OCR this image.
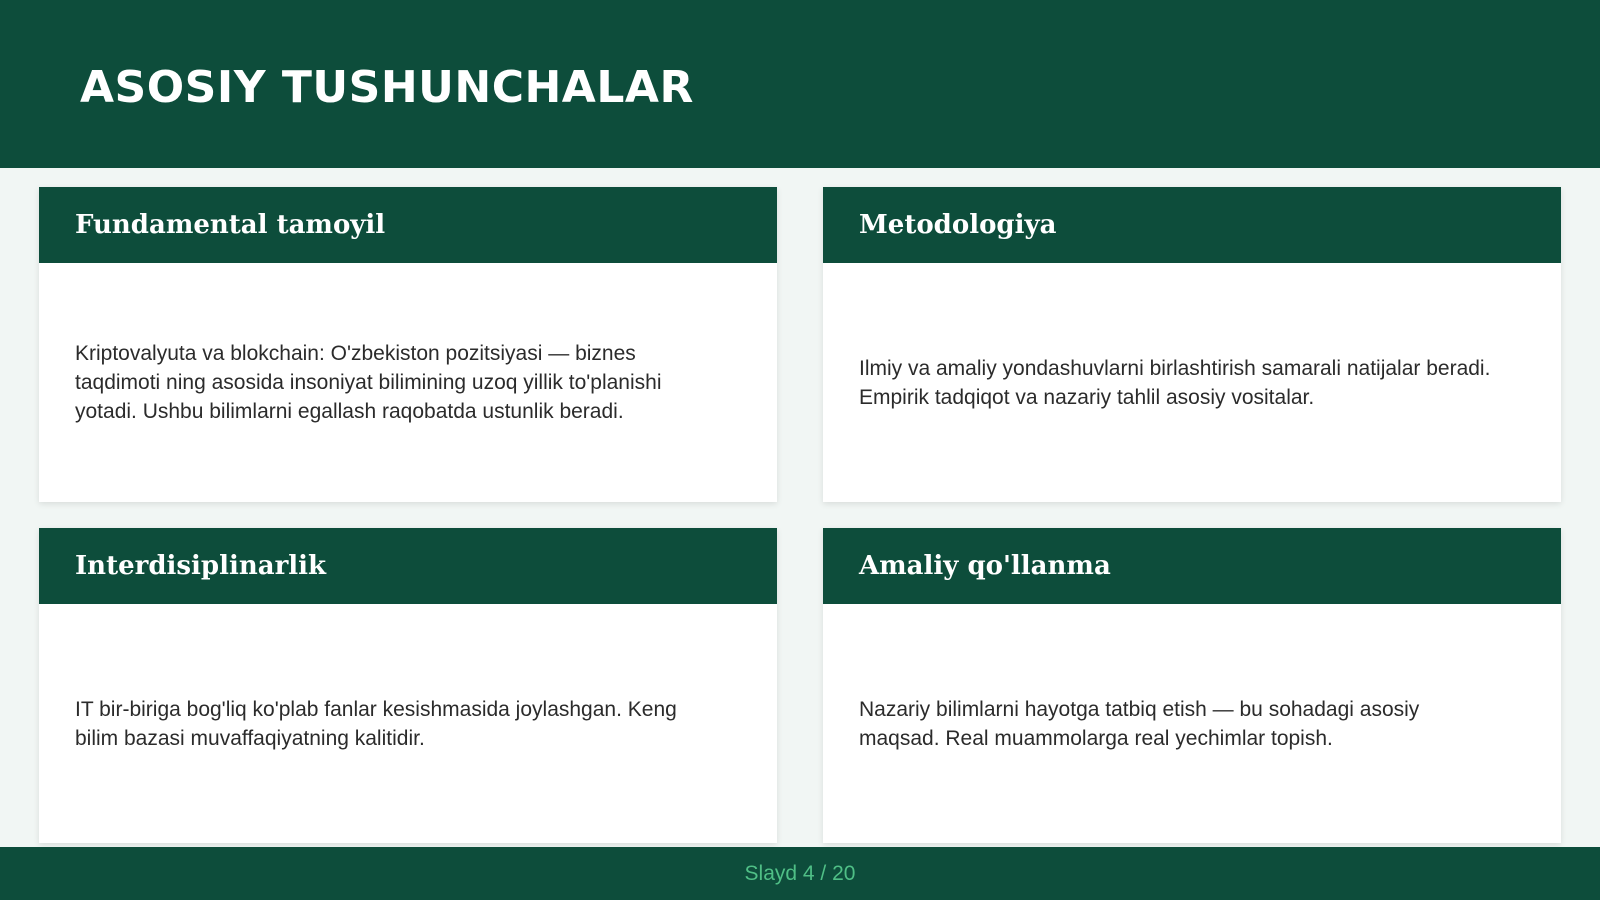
ASOSIY TUSHUNCHALAR
Fundamental tamoyil

Kriptovalyuta va blokchain: O'zbekiston pozitsiyasi — biznes taqdimoti ning asosida insoniyat bilimining uzoq yillik to'planishi yotadi. Ushbu bilimlarni egallash raqobatda ustunlik beradi.

Metodologiya

Ilmiy va amaliy yondashuvlarni birlashtirish samarali natijalar beradi. Empirik tadqiqot va nazariy tahlil asosiy vositalar.

Interdisiplinarlik

IT bir-biriga bog'liq ko'plab fanlar kesishmasida joylashgan. Keng bilim bazasi muvaffaqiyatning kalitidir.

Amaliy qo'llanma

Nazariy bilimlarni hayotga tatbiq etish — bu sohadagi asosiy maqsad. Real muammolarga real yechimlar topish.

Slayd 4 / 20
